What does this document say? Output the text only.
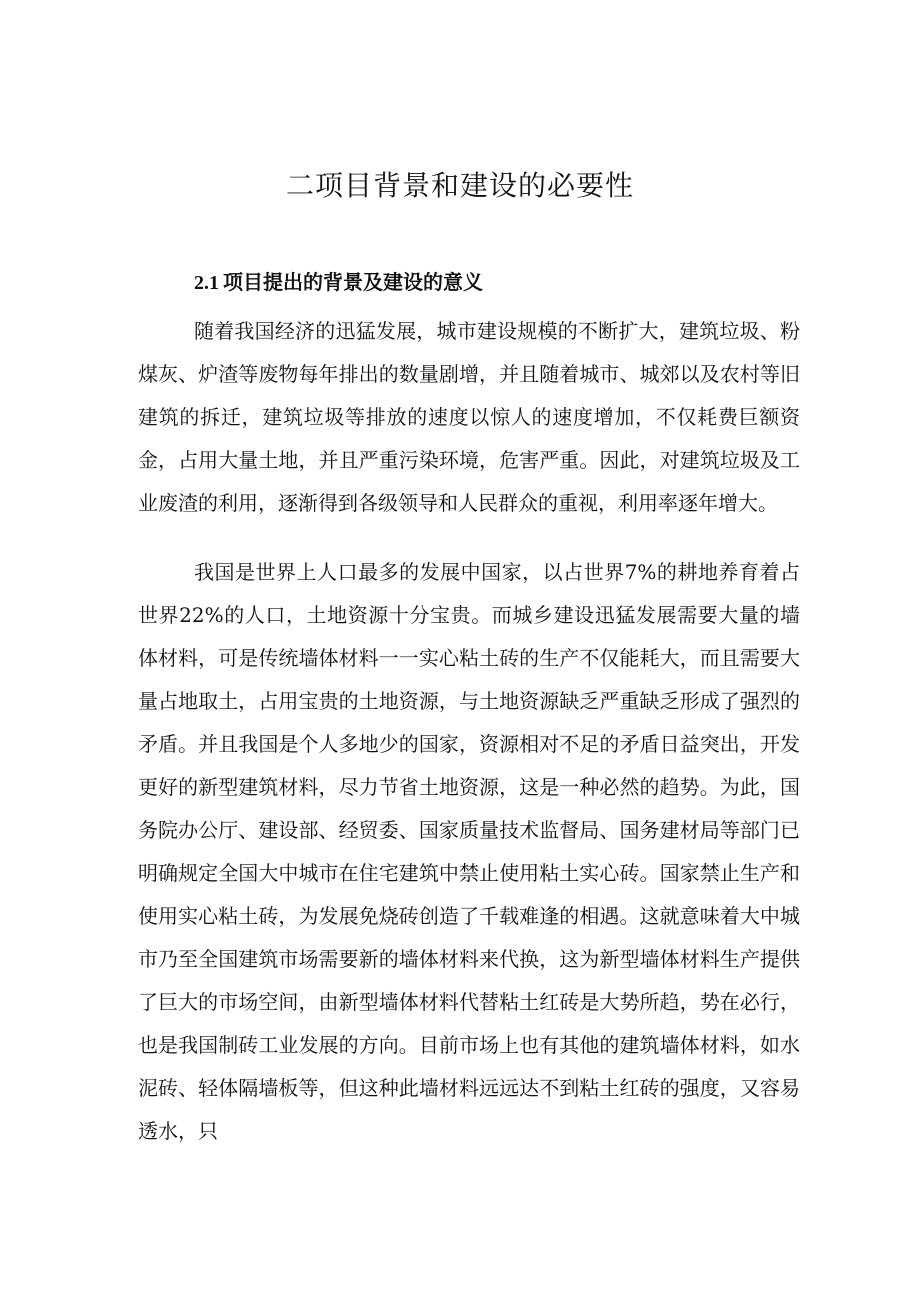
二项目背景和建设的必要性
2.1 项目提出的背景及建设的意义

随着我国经济的迅猛发展，城市建设规模的不断扩大，建筑垃圾、粉煤灰、炉渣等废物每年排出的数量剧增，并且随着城市、城郊以及农村等旧建筑的拆迁，建筑垃圾等排放的速度以惊人的速度增加，不仅耗费巨额资金，占用大量土地，并且严重污染环境，危害严重。因此，对建筑垃圾及工业废渣的利用，逐渐得到各级领导和人民群众的重视，利用率逐年增大。

我国是世界上人口最多的发展中国家，以占世界7%的耕地养育着占世界22%的人口，土地资源十分宝贵。而城乡建设迅猛发展需要大量的墙体材料，可是传统墙体材料一一实心粘土砖的生产不仅能耗大，而且需要大量占地取土，占用宝贵的土地资源，与土地资源缺乏严重缺乏形成了强烈的矛盾。并且我国是个人多地少的国家，资源相对不足的矛盾日益突出，开发更好的新型建筑材料，尽力节省土地资源，这是一种必然的趋势。为此，国务院办公厅、建设部、经贸委、国家质量技术监督局、国务建材局等部门已明确规定全国大中城市在住宅建筑中禁止使用粘土实心砖。国家禁止生产和使用实心粘土砖，为发展免烧砖创造了千载难逢的相遇。这就意味着大中城市乃至全国建筑市场需要新的墙体材料来代换，这为新型墙体材料生产提供了巨大的市场空间，由新型墙体材料代替粘土红砖是大势所趋，势在必行，也是我国制砖工业发展的方向。目前市场上也有其他的建筑墙体材料，如水泥砖、轻体隔墙板等，但这种此墙材料远远达不到粘土红砖的强度，又容易透水，只
